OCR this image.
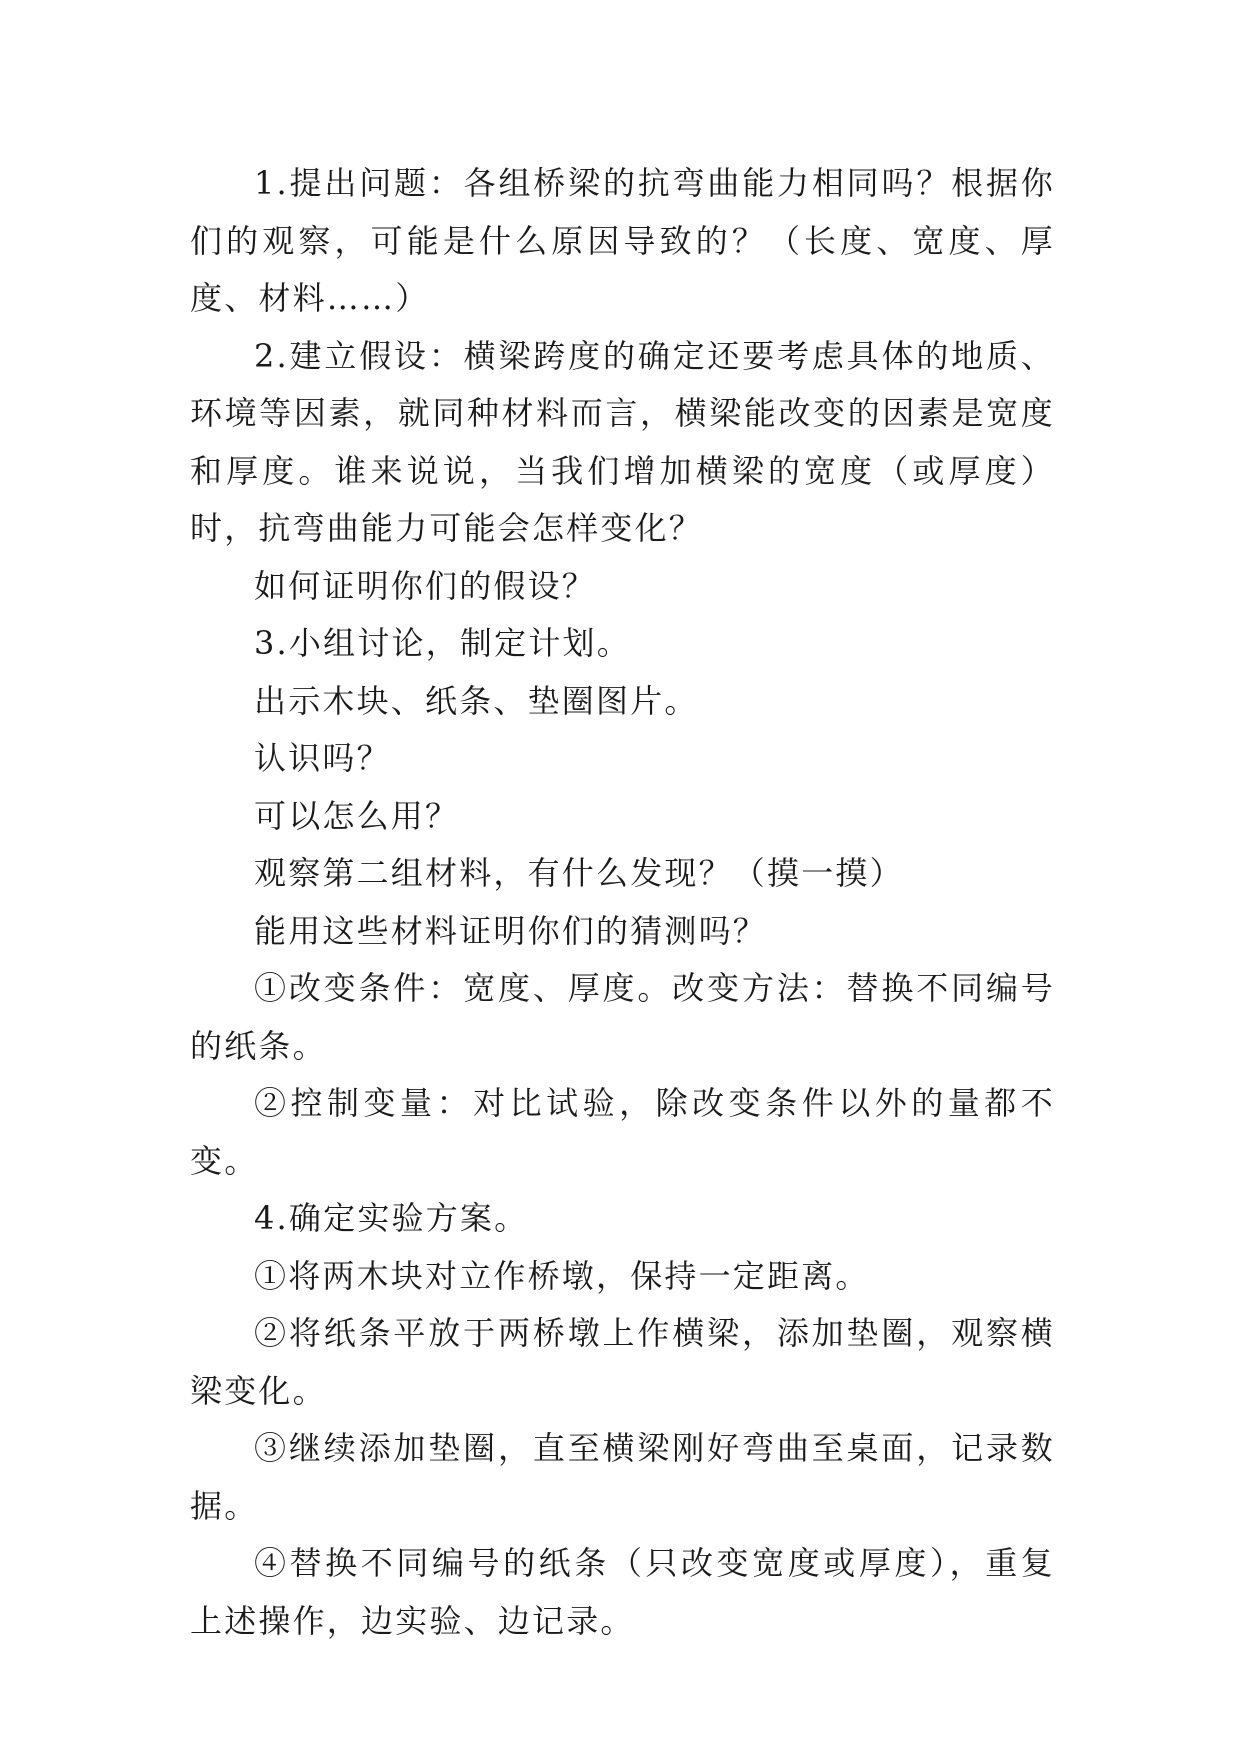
1.提出问题：各组桥梁的抗弯曲能力相同吗？根据你们的观察，可能是什么原因导致的？（长度、宽度、厚度、材料……）

2.建立假设：横梁跨度的确定还要考虑具体的地质、环境等因素，就同种材料而言，横梁能改变的因素是宽度和厚度。谁来说说，当我们增加横梁的宽度（或厚度）时，抗弯曲能力可能会怎样变化？

如何证明你们的假设？

3.小组讨论，制定计划。

出示木块、纸条、垫圈图片。

认识吗？

可以怎么用？

观察第二组材料，有什么发现？（摸一摸）

能用这些材料证明你们的猜测吗？

①改变条件：宽度、厚度。改变方法：替换不同编号的纸条。

②控制变量：对比试验，除改变条件以外的量都不变。

4.确定实验方案。

①将两木块对立作桥墩，保持一定距离。

②将纸条平放于两桥墩上作横梁，添加垫圈，观察横梁变化。

③继续添加垫圈，直至横梁刚好弯曲至桌面，记录数据。

④替换不同编号的纸条（只改变宽度或厚度），重复上述操作，边实验、边记录。
